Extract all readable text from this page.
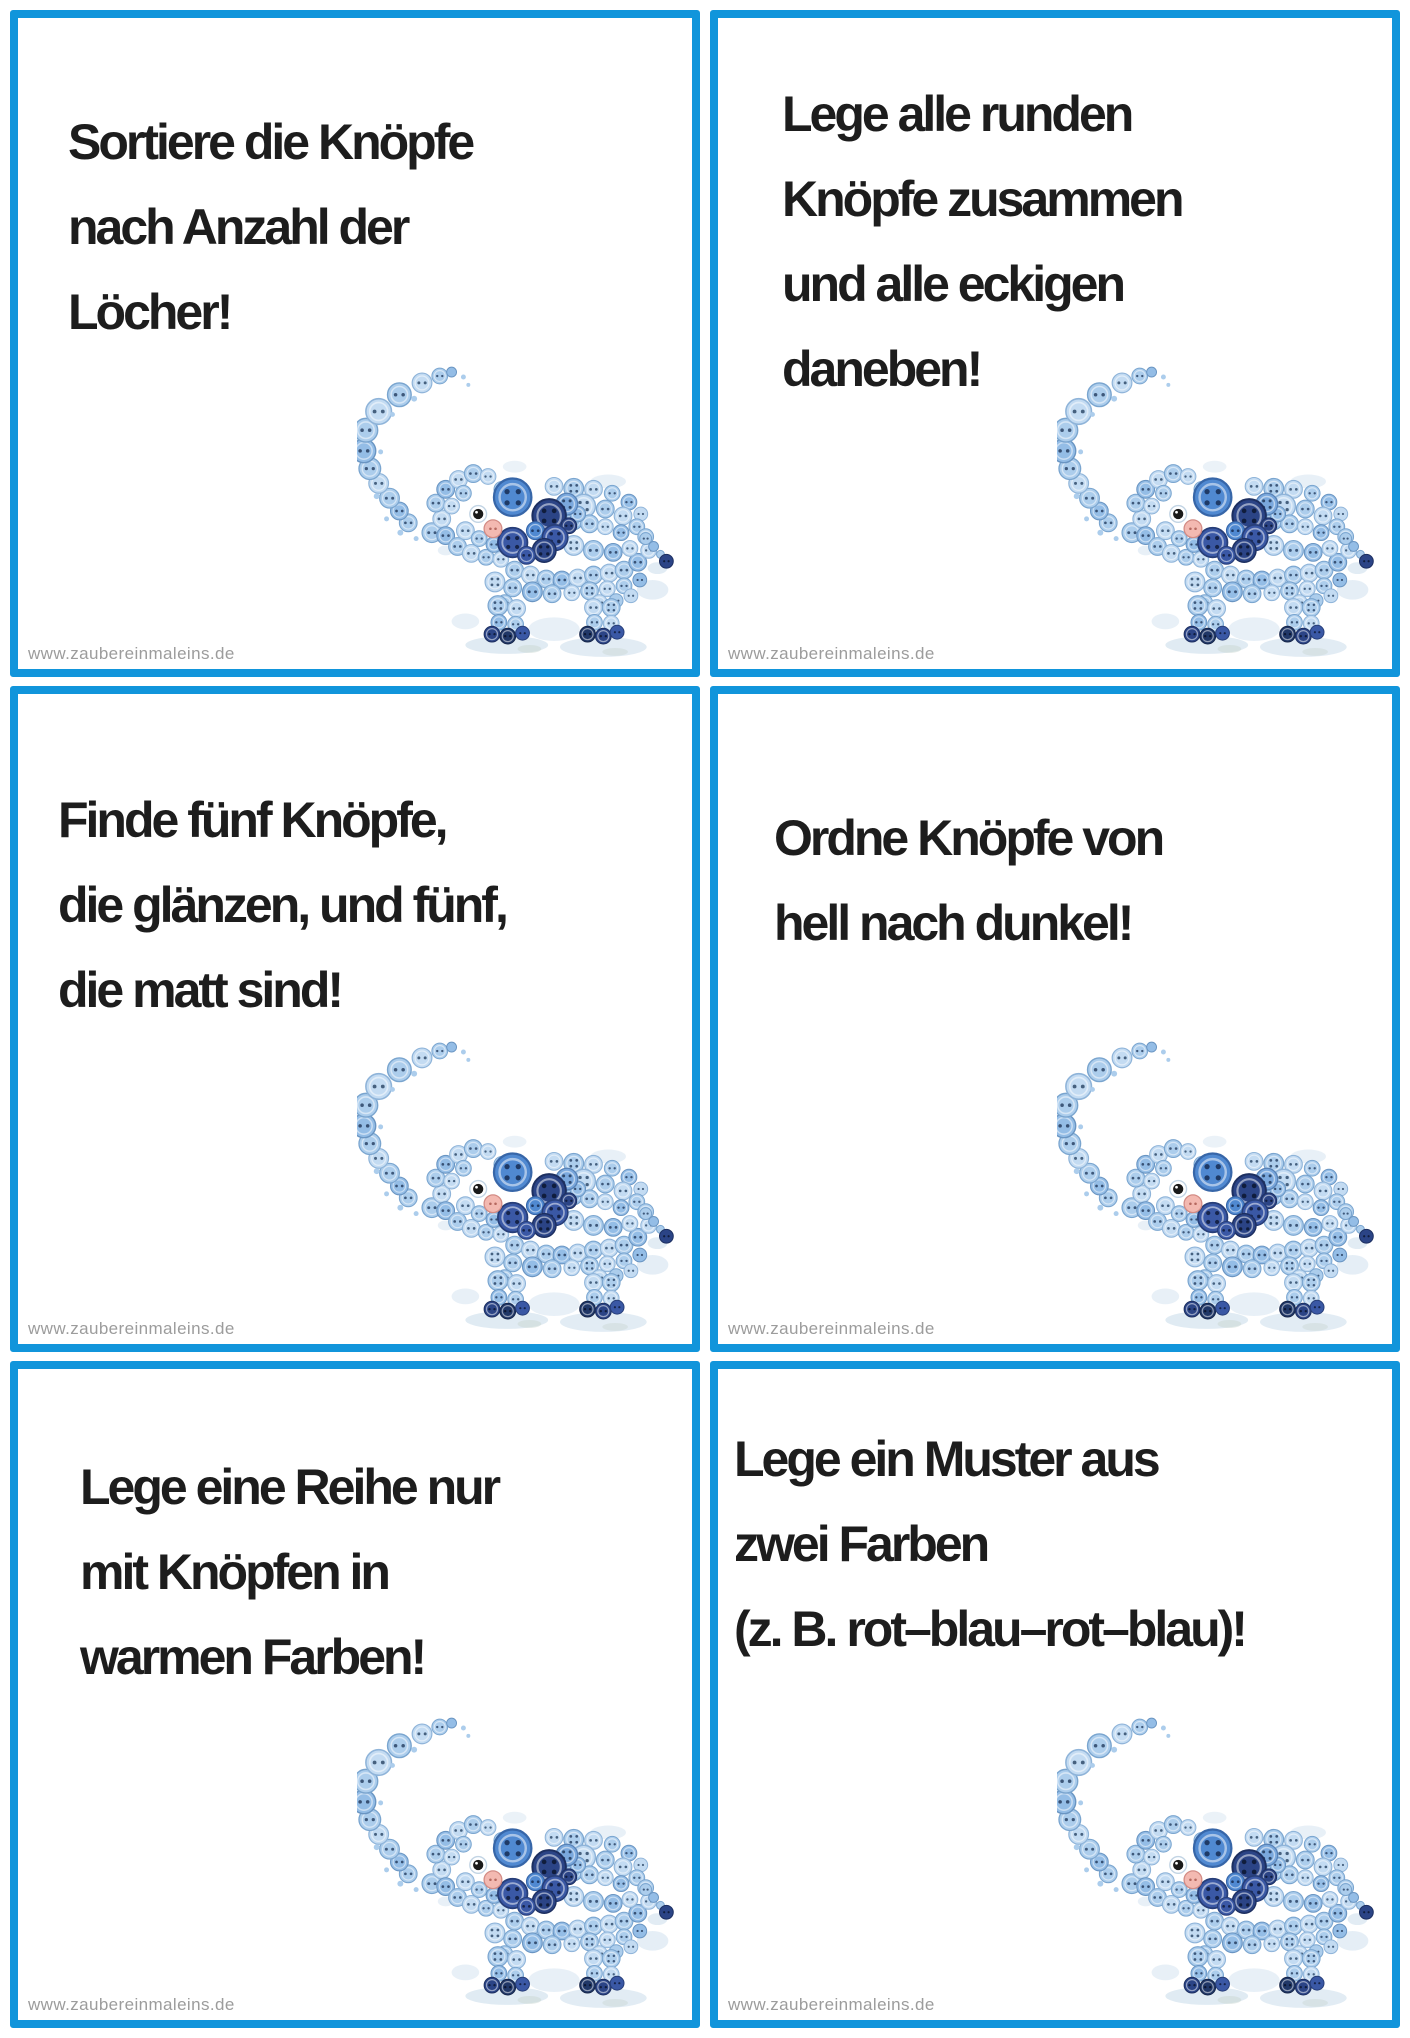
Sortiere die Knöpfe
nach Anzahl der
Löcher!
www.zaubereinmaleins.de
Lege alle runden
Knöpfe zusammen
und alle eckigen
daneben!
www.zaubereinmaleins.de
Finde fünf Knöpfe,
die glänzen, und fünf,
die matt sind!
www.zaubereinmaleins.de
Ordne Knöpfe von
hell nach dunkel!
www.zaubereinmaleins.de
Lege eine Reihe nur
mit Knöpfen in
warmen Farben!
www.zaubereinmaleins.de
Lege ein Muster aus
zwei Farben
(z. B. rot–blau–rot–blau)!
www.zaubereinmaleins.de
